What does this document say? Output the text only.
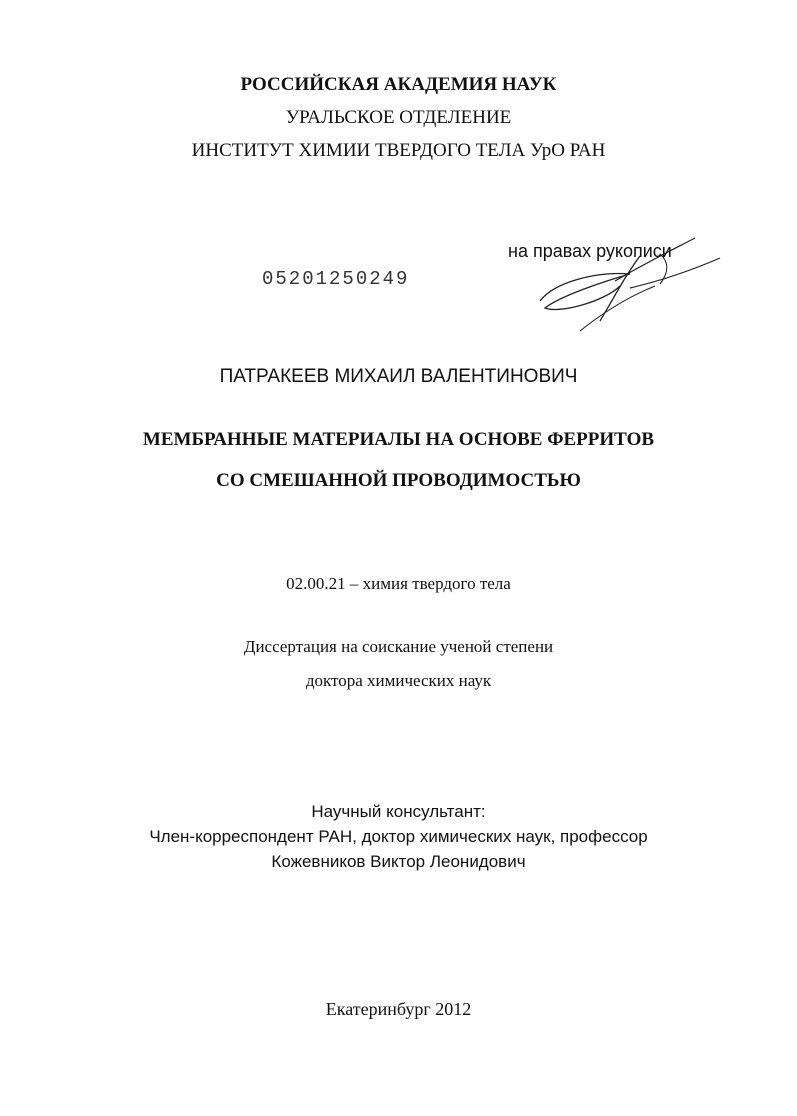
РОССИЙСКАЯ АКАДЕМИЯ НАУК
УРАЛЬСКОЕ ОТДЕЛЕНИЕ
ИНСТИТУТ ХИМИИ ТВЕРДОГО ТЕЛА УрО РАН
на правах рукописи
05201250249
ПАТРАКЕЕВ МИХАИЛ ВАЛЕНТИНОВИЧ
МЕМБРАННЫЕ МАТЕРИАЛЫ НА ОСНОВЕ ФЕРРИТОВ
СО СМЕШАННОЙ ПРОВОДИМОСТЬЮ
02.00.21 – химия твердого тела
Диссертация на соискание ученой степени
доктора химических наук
Научный консультант:
Член-корреспондент РАН, доктор химических наук, профессор
Кожевников Виктор Леонидович
Екатеринбург 2012
